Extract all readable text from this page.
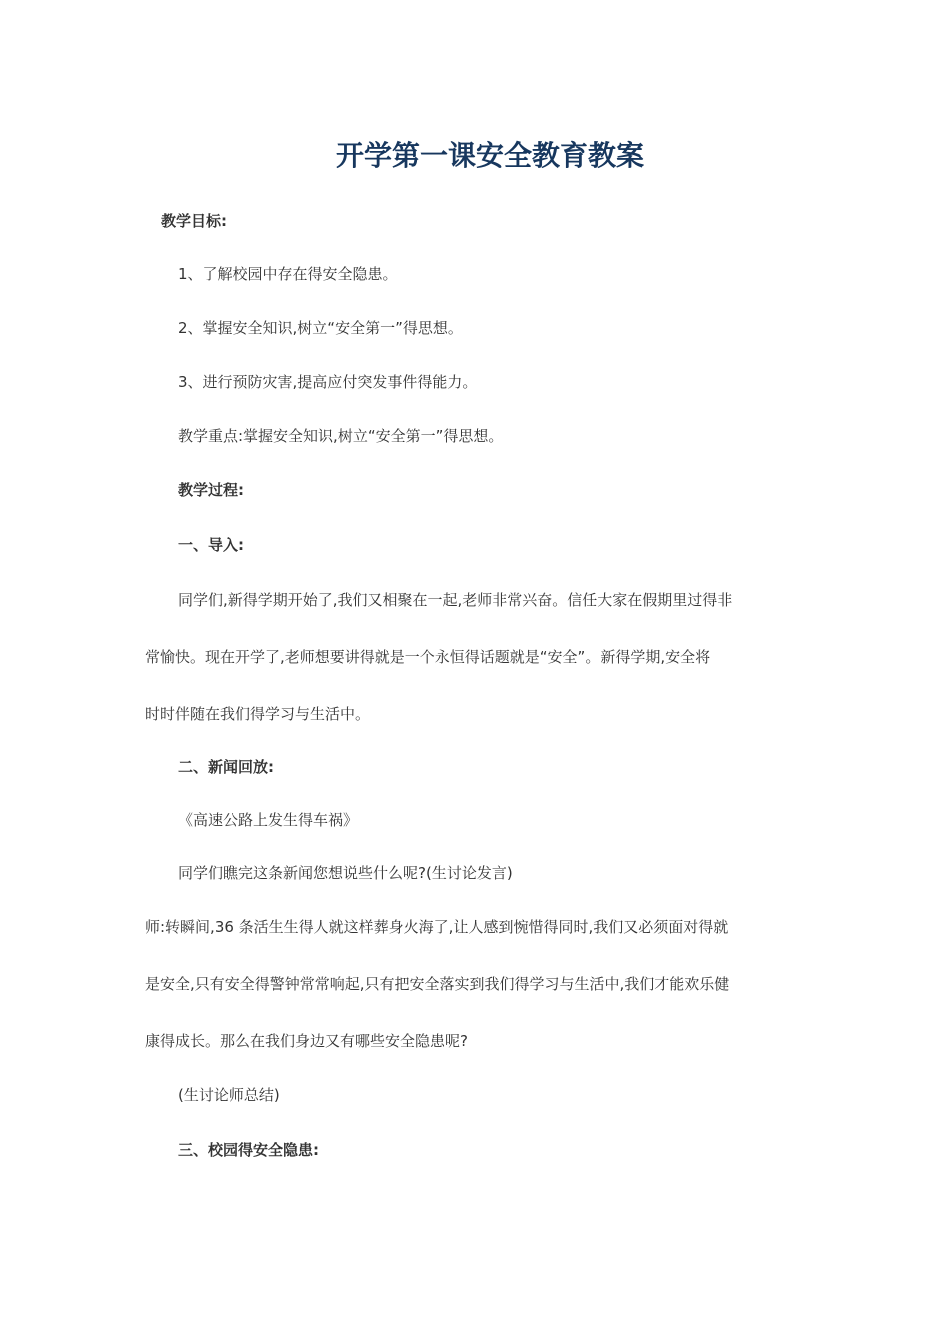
开学第一课安全教育教案
教学目标:
1、了解校园中存在得安全隐患。
2、掌握安全知识,树立“安全第一”得思想。
3、进行预防灾害,提高应付突发事件得能力。
教学重点:掌握安全知识,树立“安全第一”得思想。
教学过程:
一、导入:
同学们,新得学期开始了,我们又相聚在一起,老师非常兴奋。信任大家在假期里过得非
常愉快。现在开学了,老师想要讲得就是一个永恒得话题就是“安全”。新得学期,安全将
时时伴随在我们得学习与生活中。
二、新闻回放:
《高速公路上发生得车祸》
同学们瞧完这条新闻您想说些什么呢?(生讨论发言)
师:转瞬间,36 条活生生得人就这样葬身火海了,让人感到惋惜得同时,我们又必须面对得就
是安全,只有安全得警钟常常响起,只有把安全落实到我们得学习与生活中,我们才能欢乐健
康得成长。那么在我们身边又有哪些安全隐患呢?
(生讨论师总结)
三、校园得安全隐患:
